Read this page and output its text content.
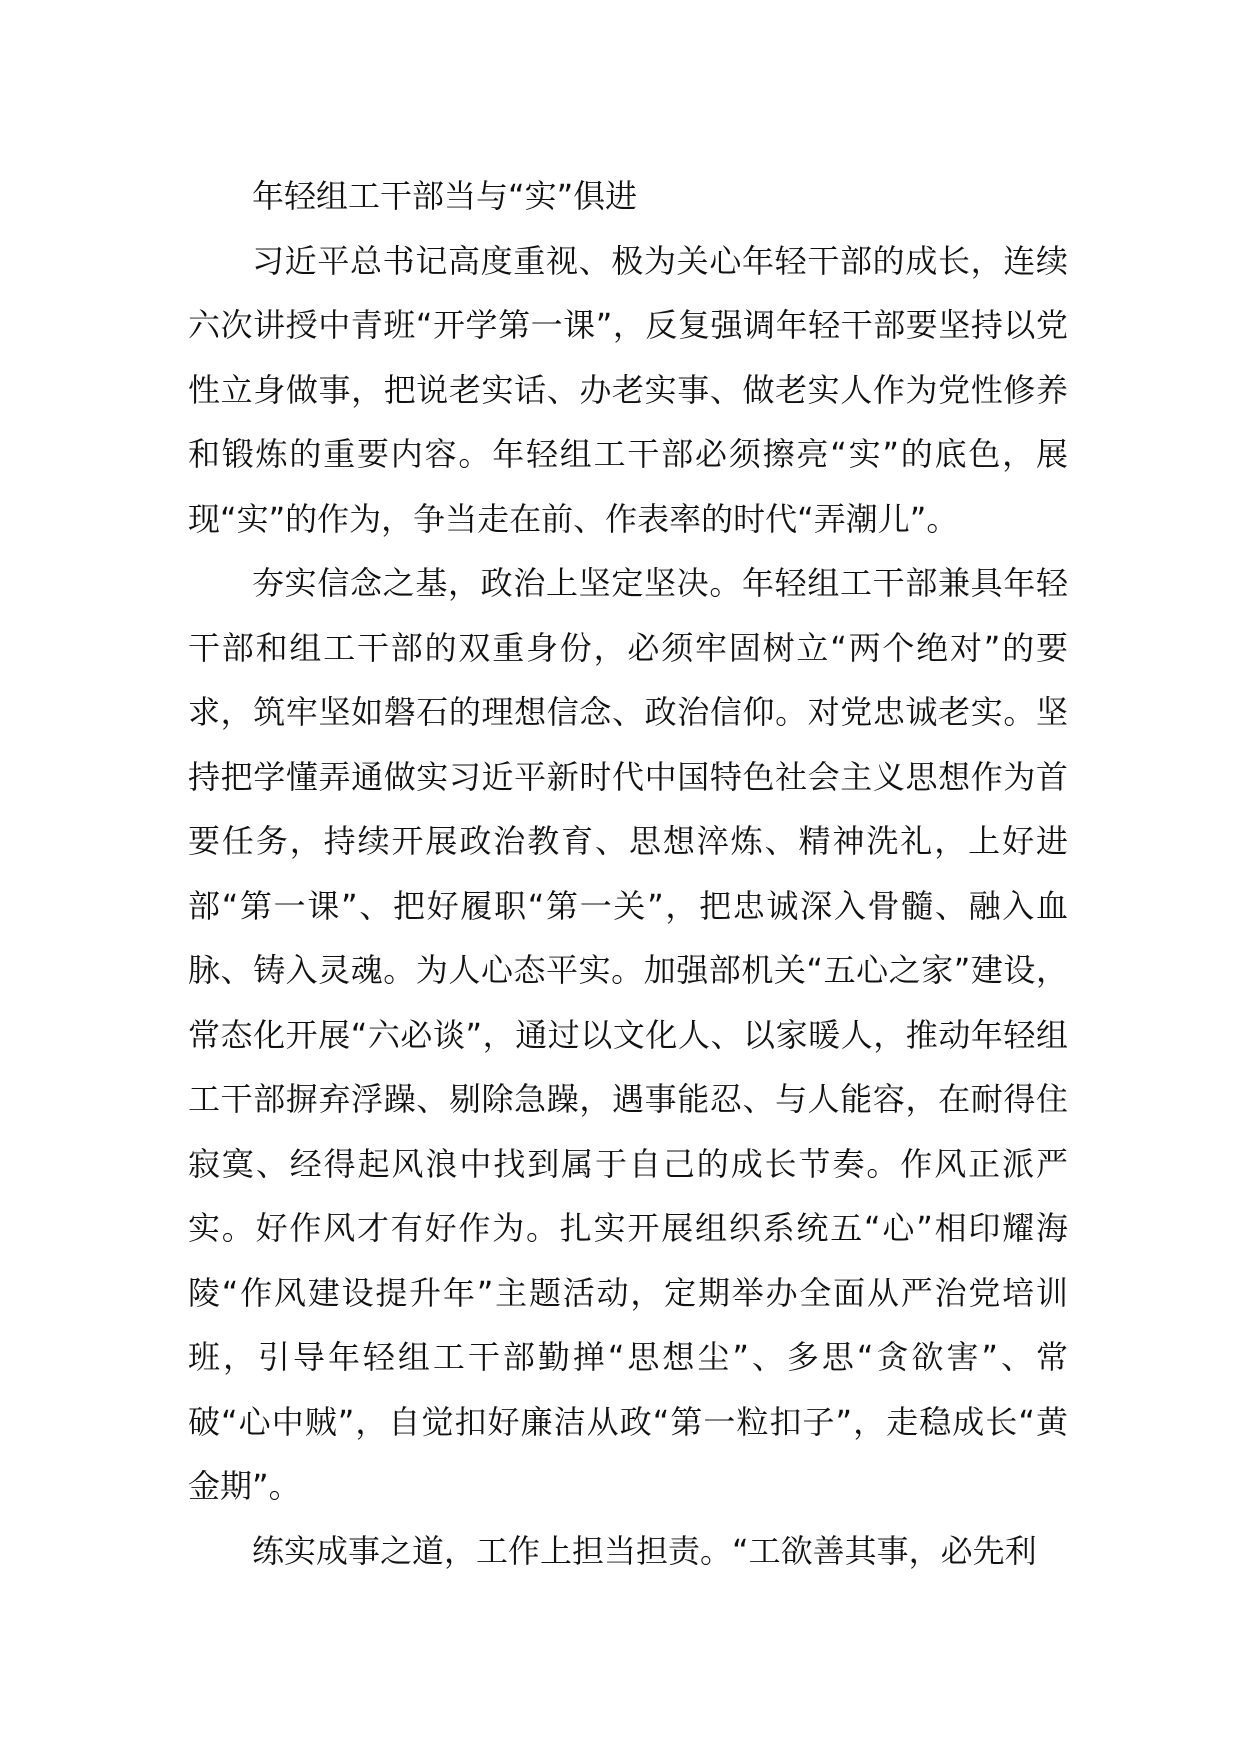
年轻组工干部当与“实”俱进

习近平总书记高度重视、极为关心年轻干部的成长，连续六次讲授中青班“开学第一课”，反复强调年轻干部要坚持以党性立身做事，把说老实话、办老实事、做老实人作为党性修养和锻炼的重要内容。年轻组工干部必须擦亮“实”的底色，展现“实”的作为，争当走在前、作表率的时代“弄潮儿”。

夯实信念之基，政治上坚定坚决。年轻组工干部兼具年轻干部和组工干部的双重身份，必须牢固树立“两个绝对”的要求，筑牢坚如磐石的理想信念、政治信仰。对党忠诚老实。坚持把学懂弄通做实习近平新时代中国特色社会主义思想作为首要任务，持续开展政治教育、思想淬炼、精神洗礼，上好进部“第一课”、把好履职“第一关”，把忠诚深入骨髓、融入血脉、铸入灵魂。为人心态平实。加强部机关“五心之家”建设，常态化开展“六必谈”，通过以文化人、以家暖人，推动年轻组工干部摒弃浮躁、剔除急躁，遇事能忍、与人能容，在耐得住寂寞、经得起风浪中找到属于自己的成长节奏。作风正派严实。好作风才有好作为。扎实开展组织系统五“心”相印耀海陵“作风建设提升年”主题活动，定期举办全面从严治党培训班，引导年轻组工干部勤掸“思想尘”、多思“贪欲害”、常破“心中贼”，自觉扣好廉洁从政“第一粒扣子”，走稳成长“黄金期”。

练实成事之道，工作上担当担责。“工欲善其事，必先利
